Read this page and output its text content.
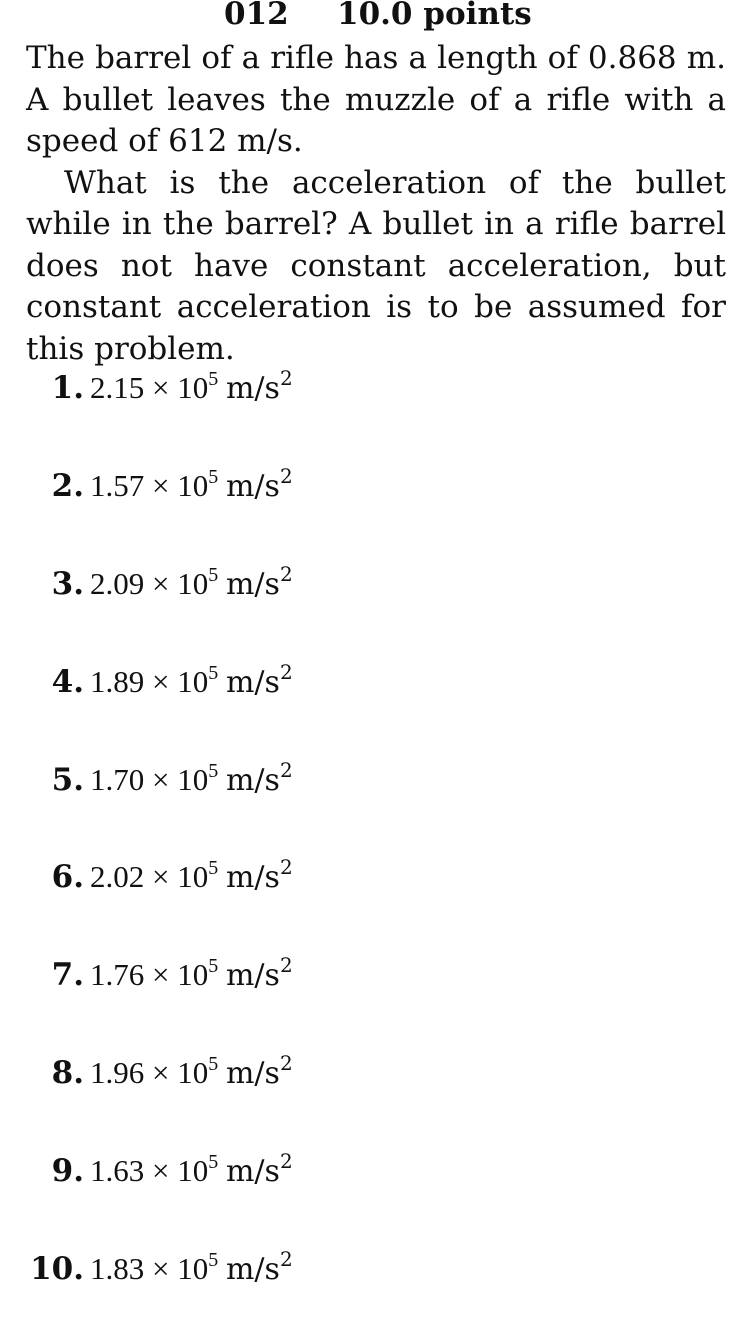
012 10.0 points

The barrel of a rifle has a length of 0.868 m. A bullet leaves the muzzle of a rifle with a speed of 612 m/s.

What is the acceleration of the bullet while in the barrel? A bullet in a rifle barrel does not have constant acceleration, but constant acceleration is to be assumed for this problem.

1. $2.15 \times 10^5$ $m/s^2$
2. $1.57 \times 10^5$ $m/s^2$
3. $2.09 \times 10^5$ $m/s^2$
4. $1.89 \times 10^5$ $m/s^2$
5. $1.70 \times 10^5$ $m/s^2$
6. $2.02 \times 10^5$ $m/s^2$
7. $1.76 \times 10^5$ $m/s^2$
8. $1.96 \times 10^5$ $m/s^2$
9. $1.63 \times 10^5$ $m/s^2$
10. $1.83 \times 10^5$ $m/s^2$
